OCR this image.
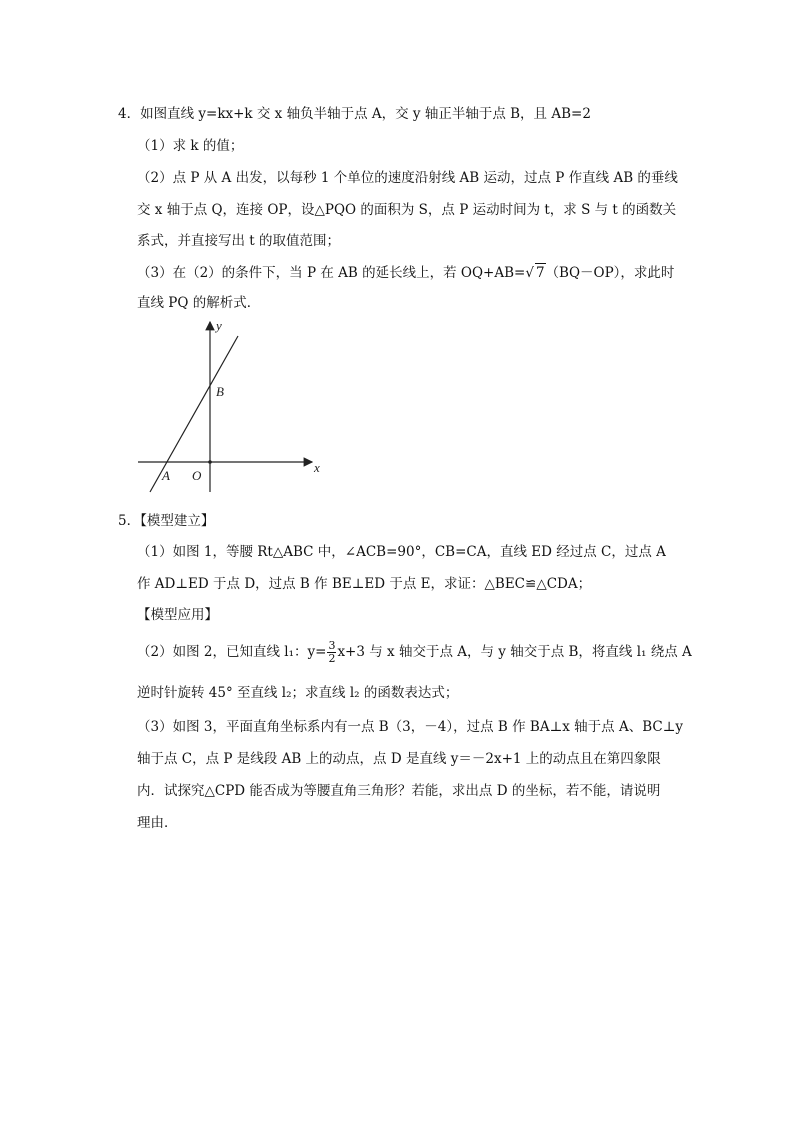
4．如图直线 y=kx+k 交 x 轴负半轴于点 A，交 y 轴正半轴于点 B，且 AB=2
（1）求 k 的值；
（2）点 P 从 A 出发，以每秒 1 个单位的速度沿射线 AB 运动，过点 P 作直线 AB 的垂线
交 x 轴于点 Q，连接 OP，设△PQO 的面积为 S，点 P 运动时间为 t，求 S 与 t 的函数关
系式，并直接写出 t 的取值范围；
（3）在（2）的条件下，当 P 在 AB 的延长线上，若 OQ+AB=√ 7（BQ－OP），求此时
直线 PQ 的解析式．
y
x
B
A O
5．【模型建立】
（1）如图 1，等腰 Rt△ABC 中，∠ACB=90°，CB=CA，直线 ED 经过点 C，过点 A
作 AD⊥ED 于点 D，过点 B 作 BE⊥ED 于点 E，求证：△BEC≌△CDA；
【模型应用】
（2）如图 2，已知直线 l₁：$y= \frac{3}{2} x+3$ 与 x 轴交于点 A，与 y 轴交于点 B，将直线 l₁ 绕点 A
逆时针旋转 45° 至直线 l₂；求直线 l₂ 的函数表达式；
（3）如图 3，平面直角坐标系内有一点 B（3，－4），过点 B 作 BA⊥x 轴于点 A、BC⊥y
轴于点 C，点 P 是线段 AB 上的动点，点 D 是直线 y＝－2x+1 上的动点且在第四象限
内．试探究△CPD 能否成为等腰直角三角形？若能，求出点 D 的坐标，若不能，请说明
理由．
